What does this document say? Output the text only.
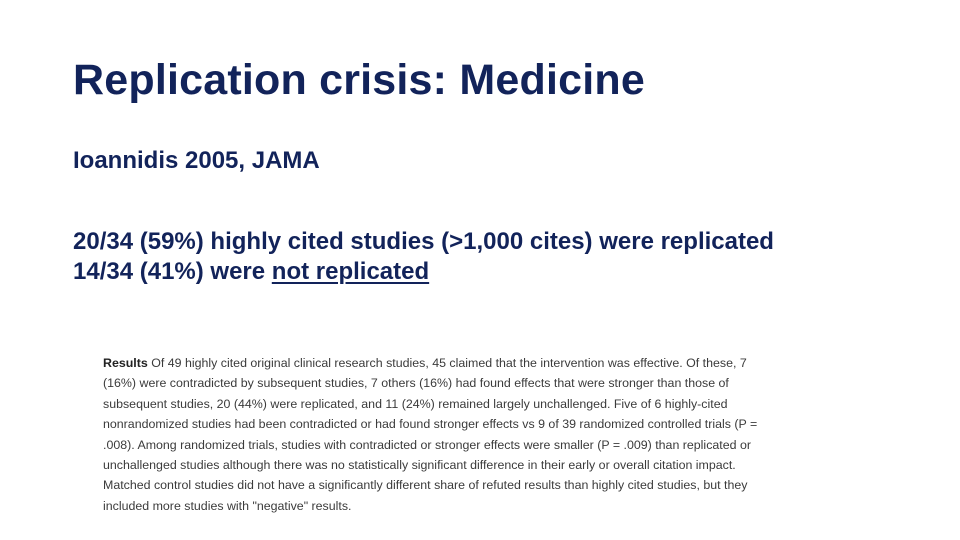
Replication crisis: Medicine
Ioannidis 2005, JAMA

20/34 (59%) highly cited studies (>1,000 cites) were replicated

14/34 (41%) were not replicated

Results Of 49 highly cited original clinical research studies, 45 claimed that the intervention was effective. Of these, 7 (16%) were contradicted by subsequent studies, 7 others (16%) had found effects that were stronger than those of subsequent studies, 20 (44%) were replicated, and 11 (24%) remained largely unchallenged. Five of 6 highly-cited nonrandomized studies had been contradicted or had found stronger effects vs 9 of 39 randomized controlled trials (P = .008). Among randomized trials, studies with contradicted or stronger effects were smaller (P = .009) than replicated or unchallenged studies although there was no statistically significant difference in their early or overall citation impact. Matched control studies did not have a significantly different share of refuted results than highly cited studies, but they included more studies with "negative" results.
